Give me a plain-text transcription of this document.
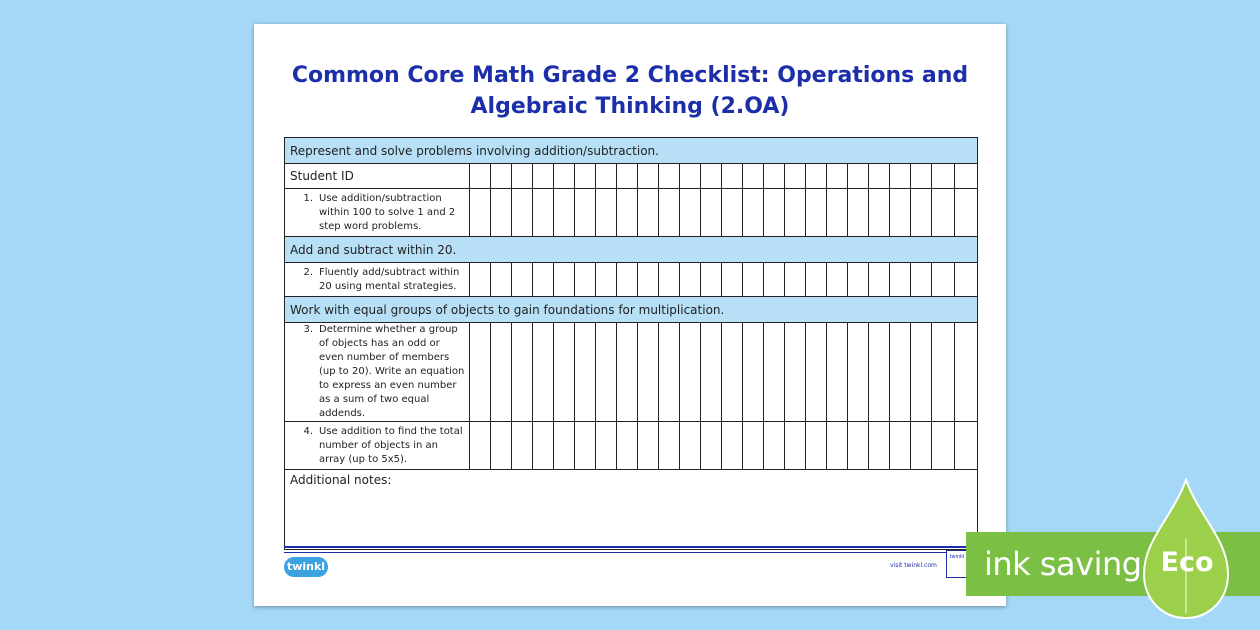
Common Core Math Grade 2 Checklist: Operations and
Algebraic Thinking (2.OA)
Represent and solve problems involving addition/subtraction.																								
Student ID																								

1. Use addition/subtraction within 100 to solve 1 and 2 step word problems.																								

Add and subtract within 20.																								

2. Fluently add/subtract within 20 using mental strategies.																								

Work with equal groups of objects to gain foundations for multiplication.																								

3. Determine whether a group of objects has an odd or even number of members (up to 20). Write an equation to express an even number as a sum of two equal addends.																								

4. Use addition to find the total number of objects in an array (up to 5x5).																								

Additional notes:																								
twinkl	visit twinkl.com
twinkl ink saving Eco
